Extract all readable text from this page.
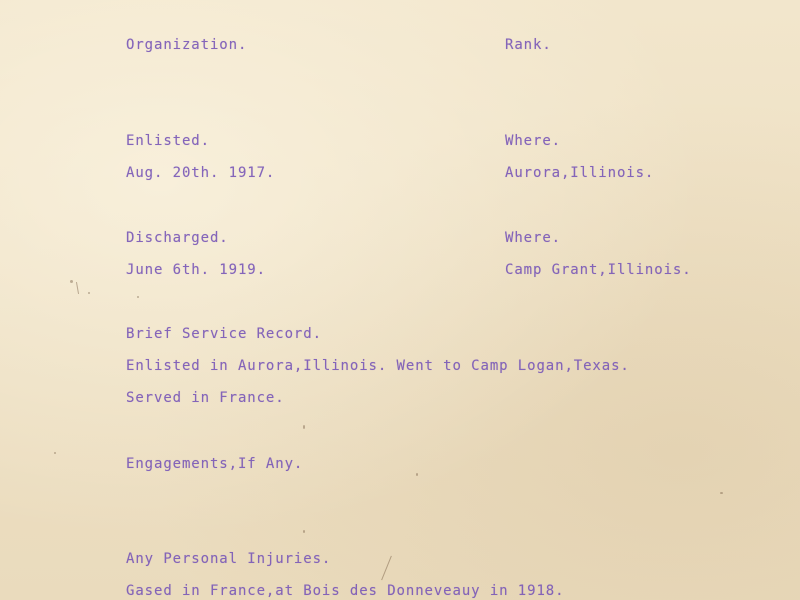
Organization.	Rank.

Enlisted.	Where.

Aug. 20th. 1917.	Aurora,Illinois.

Discharged.	Where.

June 6th. 1919.	Camp Grant,Illinois.

Brief Service Record.

Enlisted in Aurora,Illinois. Went to Camp Logan,Texas.

Served in France.

Engagements,If Any.

Any Personal Injuries.

Gased in France,at Bois des Donneveauy in 1918.
